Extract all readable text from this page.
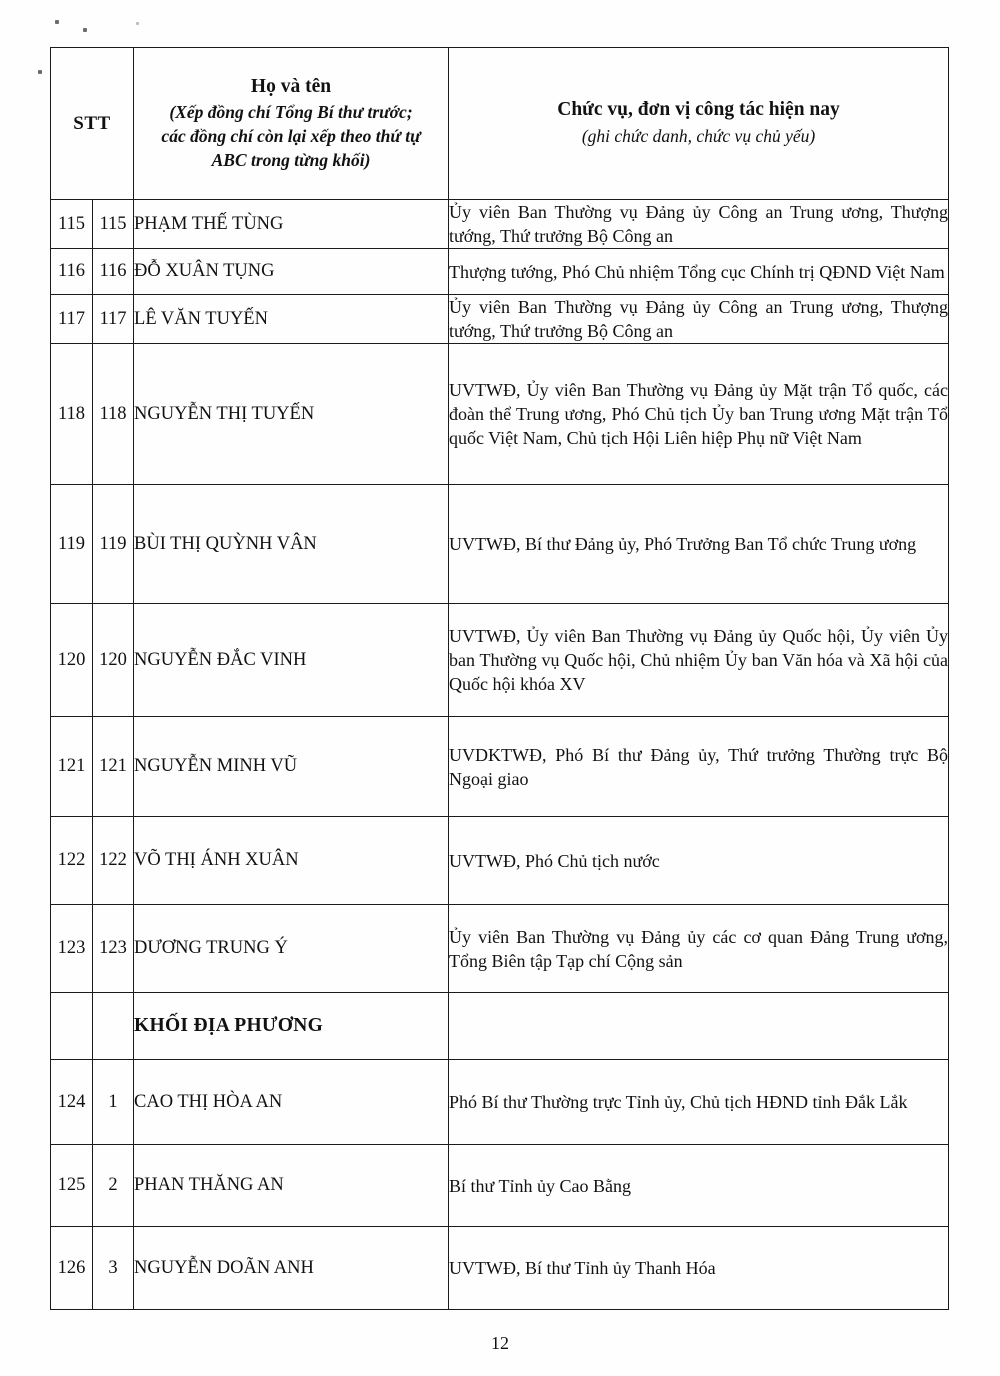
STT

Họ và tên
(Xếp đồng chí Tổng Bí thư trước;
các đồng chí còn lại xếp theo thứ tự
ABC trong từng khối)

Chức vụ, đơn vị công tác hiện nay
(ghi chức danh, chức vụ chủ yếu)

115	115	PHẠM THẾ TÙNG	Ủy viên Ban Thường vụ Đảng ủy Công an Trung ương, Thượng tướng, Thứ trưởng Bộ Công an
116	116	ĐỖ XUÂN TỤNG	Thượng tướng, Phó Chủ nhiệm Tổng cục Chính trị QĐND Việt Nam
117	117	LÊ VĂN TUYẾN	Ủy viên Ban Thường vụ Đảng ủy Công an Trung ương, Thượng tướng, Thứ trưởng Bộ Công an
118	118	NGUYỄN THỊ TUYẾN	UVTWĐ, Ủy viên Ban Thường vụ Đảng ủy Mặt trận Tổ quốc, các đoàn thể Trung ương, Phó Chủ tịch Ủy ban Trung ương Mặt trận Tổ quốc Việt Nam, Chủ tịch Hội Liên hiệp Phụ nữ Việt Nam
119	119	BÙI THỊ QUỲNH VÂN	UVTWĐ, Bí thư Đảng ủy, Phó Trưởng Ban Tổ chức Trung ương
120	120	NGUYỄN ĐẮC VINH	UVTWĐ, Ủy viên Ban Thường vụ Đảng ủy Quốc hội, Ủy viên Ủy ban Thường vụ Quốc hội, Chủ nhiệm Ủy ban Văn hóa và Xã hội của Quốc hội khóa XV
121	121	NGUYỄN MINH VŨ	UVDKTWĐ, Phó Bí thư Đảng ủy, Thứ trưởng Thường trực Bộ Ngoại giao
122	122	VÕ THỊ ÁNH XUÂN	UVTWĐ, Phó Chủ tịch nước
123	123	DƯƠNG TRUNG Ý	Ủy viên Ban Thường vụ Đảng ủy các cơ quan Đảng Trung ương, Tổng Biên tập Tạp chí Cộng sản
		KHỐI ĐỊA PHƯƠNG	
124	1	CAO THỊ HÒA AN	Phó Bí thư Thường trực Tỉnh ủy, Chủ tịch HĐND tỉnh Đắk Lắk
125	2	PHAN THĂNG AN	Bí thư Tỉnh ủy Cao Bằng
126	3	NGUYỄN DOÃN ANH	UVTWĐ, Bí thư Tỉnh ủy Thanh Hóa
12
